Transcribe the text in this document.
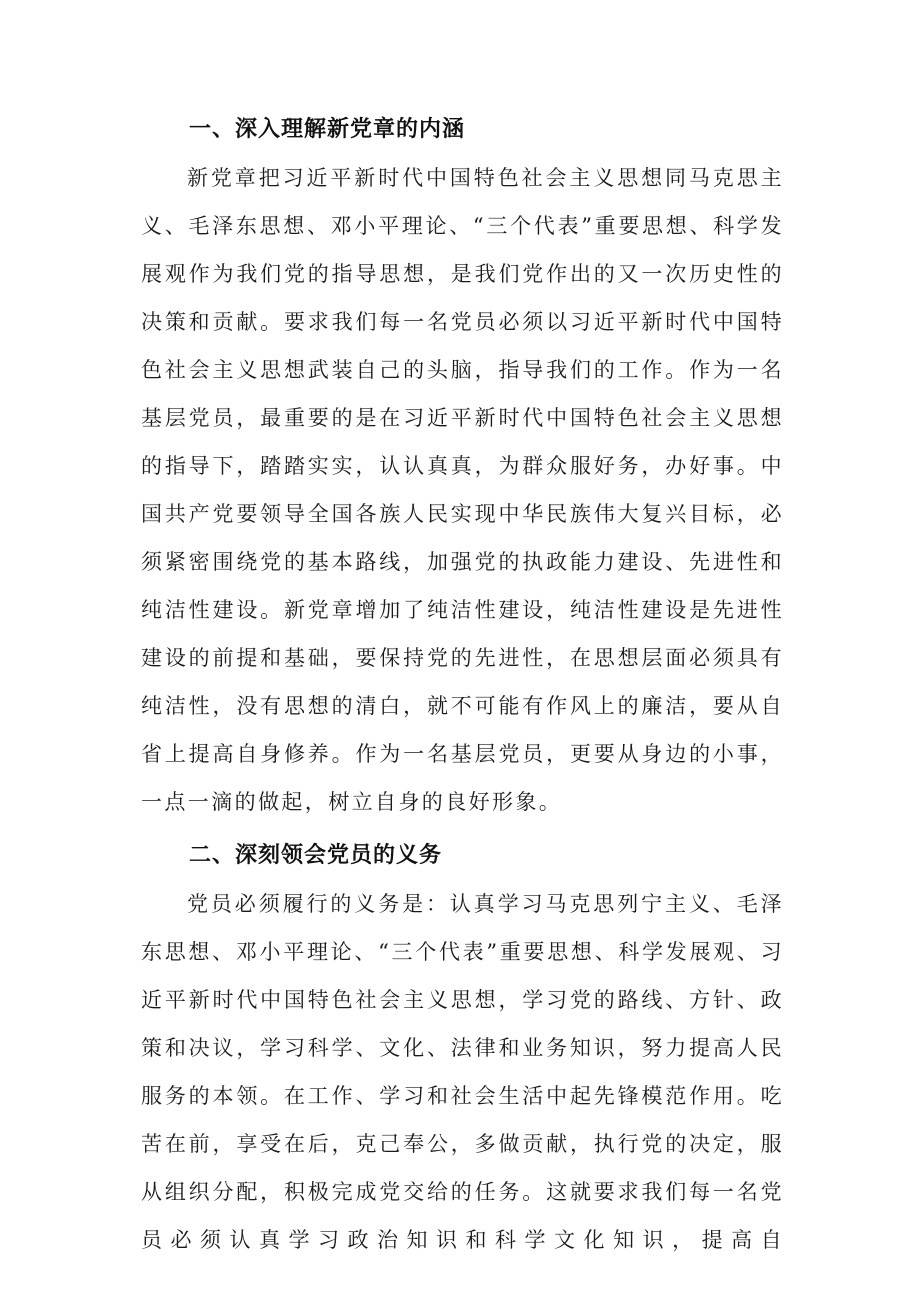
一、深入理解新党章的内涵

新党章把习近平新时代中国特色社会主义思想同马克思主义、毛泽东思想、邓小平理论、“三个代表”重要思想、科学发展观作为我们党的指导思想，是我们党作出的又一次历史性的决策和贡献。要求我们每一名党员必须以习近平新时代中国特色社会主义思想武装自己的头脑，指导我们的工作。作为一名基层党员，最重要的是在习近平新时代中国特色社会主义思想的指导下，踏踏实实，认认真真，为群众服好务，办好事。中国共产党要领导全国各族人民实现中华民族伟大复兴目标，必须紧密围绕党的基本路线，加强党的执政能力建设、先进性和纯洁性建设。新党章增加了纯洁性建设，纯洁性建设是先进性建设的前提和基础，要保持党的先进性，在思想层面必须具有纯洁性，没有思想的清白，就不可能有作风上的廉洁，要从自省上提高自身修养。作为一名基层党员，更要从身边的小事，一点一滴的做起，树立自身的良好形象。

二、深刻领会党员的义务

党员必须履行的义务是：认真学习马克思列宁主义、毛泽东思想、邓小平理论、“三个代表”重要思想、科学发展观、习近平新时代中国特色社会主义思想，学习党的路线、方针、政策和决议，学习科学、文化、法律和业务知识，努力提高人民服务的本领。在工作、学习和社会生活中起先锋模范作用。吃苦在前，享受在后，克己奉公，多做贡献，执行党的决定，服从组织分配，积极完成党交给的任务。这就要求我们每一名党员必须认真学习政治知识和科学文化知识，提高自
